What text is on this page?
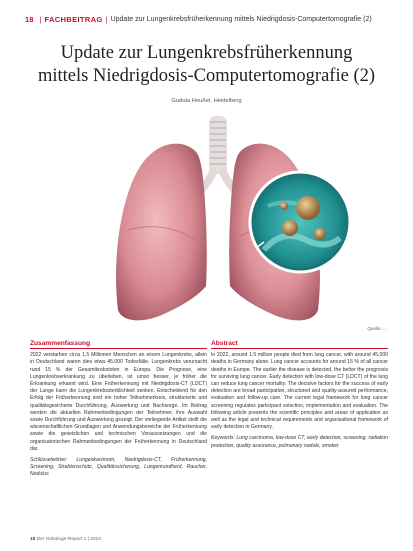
18 | FACHBEITRAG | Update zur Lungenkrebsfrüherkennung mittels Niedrigdosis-Computertomografie (2)
Update zur Lungenkrebsfrüherkennung
mittels Niedrigdosis-Computertomografie (2)
Gudula Heußel, Heidelberg
Quelle: ...
Zusammenfassung

2022 verstarben circa 1,5 Millionen Menschen an einem Lungenkrebs, allein in Deutschland waren dies etwa 45.000 Todesfälle. Lungenkrebs verursacht rund 15 % der Gesamtkrebstoten in Europa. Die Prognose, eine Lungenkrebserkrankung zu überleben, ist umso besser, je früher die Erkrankung erkannt wird. Eine Früherkennung mit Niedrigdosis-CT (LDCT) der Lunge kann die Lungenkrebssterblichkeit senken. Entscheidend für den Erfolg der Früherkennung sind ein hoher Teilnehmerkreis, strukturierte und qualitätsgesicherte Durchführung, Auswertung und Nachsorge. Im Beitrag werden die aktuellen Rahmenbedingungen der Teilnehmer, ihre Auswahl sowie Durchführung und Auswertung gezeigt. Der vorliegende Artikel stellt die wissenschaftlichen Grundlagen und Anwendungsbereiche der Früherkennung sowie die gesetzlichen und technischen Voraussetzungen und die organisatorischen Rahmenbedingungen der Früherkennung in Deutschland dar.

Schlüsselwörter: Lungenkarzinom, Niedrigdosis-CT, Früherkennung, Screening, Strahlenschutz, Qualitätssicherung, Lungenrundherd, Raucher, Nodulus

Abstract

In 2022, around 1.5 million people died from lung cancer, with around 45,000 deaths in Germany alone. Lung cancer accounts for around 15 % of all cancer deaths in Europe. The earlier the disease is detected, the better the prognosis for surviving lung cancer. Early detection with low-dose CT (LDCT) of the lung can reduce lung cancer mortality. The decisive factors for the success of early detection are broad participation, structured and quality-assured performance, evaluation and follow-up care. The current legal framework for lung cancer screening regulates participant selection, implementation and evaluation. The following article presents the scientific principles and areas of application as well as the legal and technical requirements and organisational framework of early detection in Germany.

Keywords: Lung carcinoma, low-dose CT, early detection, screening, radiation protection, quality assurance, pulmonary nodule, smoker

18 Der Onkologe-Report 1 | 2024
